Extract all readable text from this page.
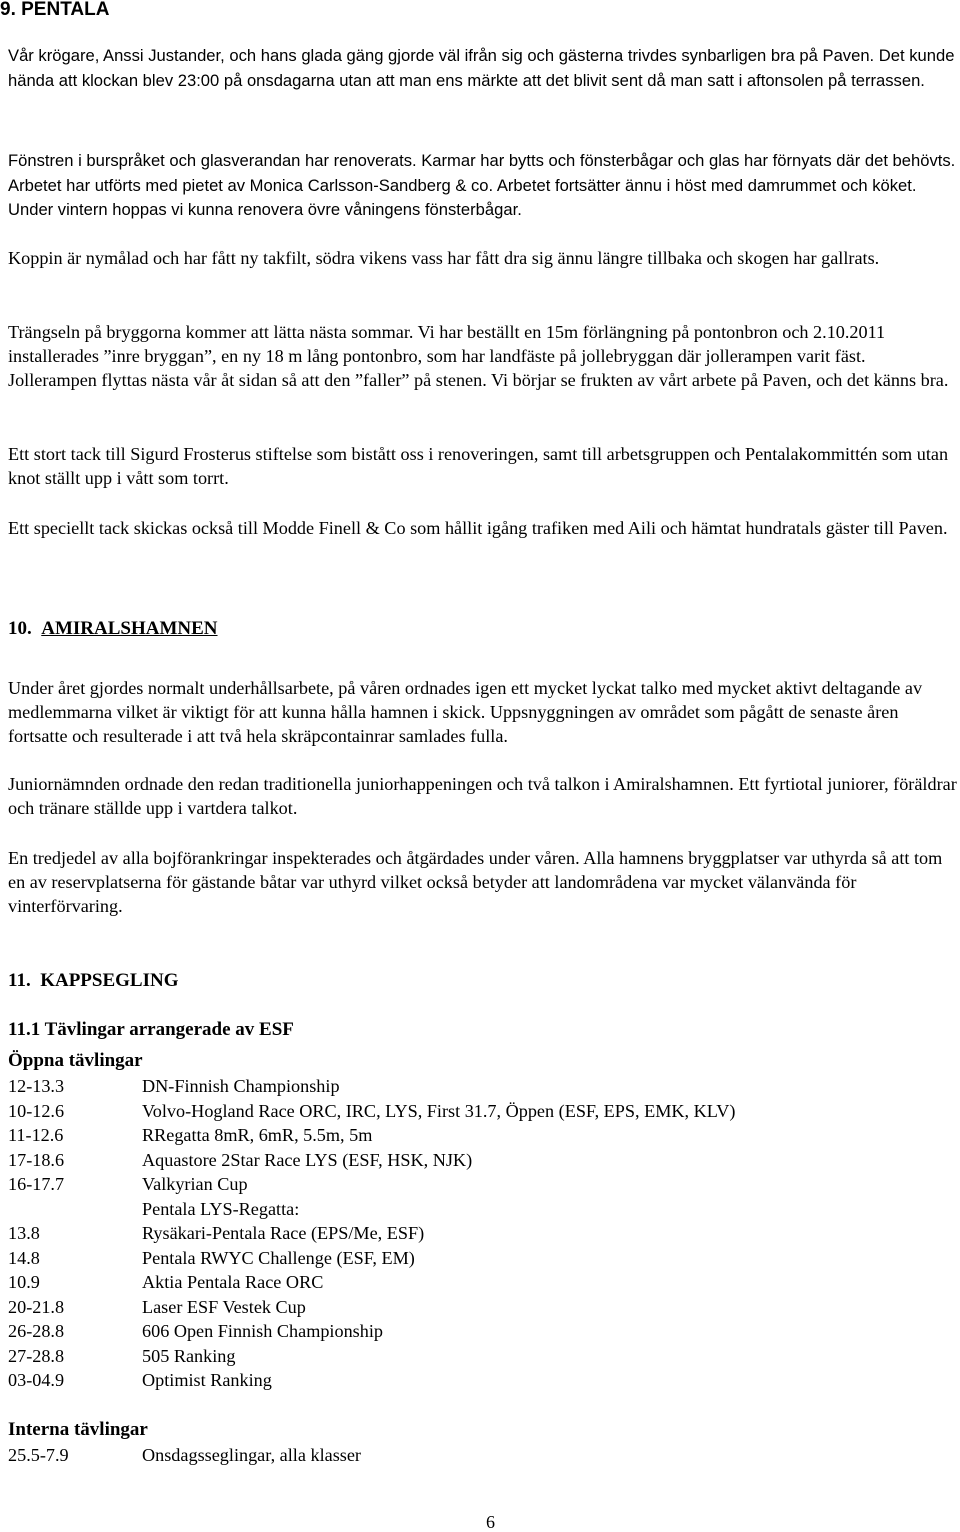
9. PENTALA
Vår krögare, Anssi Justander, och hans glada gäng gjorde väl ifrån sig och gästerna trivdes synbarligen bra på Paven. Det kunde hända att klockan blev 23:00 på onsdagarna utan att man ens märkte att det blivit sent då man satt i aftonsolen på terrassen.
Fönstren i burspråket och glasverandan har renoverats. Karmar har bytts och fönsterbågar och glas har förnyats där det behövts. Arbetet har utförts med pietet av Monica Carlsson-Sandberg & co. Arbetet fortsätter ännu i höst med damrummet och köket. Under vintern hoppas vi kunna renovera övre våningens fönsterbågar.
Koppin är nymålad och har fått ny takfilt, södra vikens vass har fått dra sig ännu längre tillbaka och skogen har gallrats.
Trängseln på bryggorna kommer att lätta nästa sommar. Vi har beställt en 15m förlängning på pontonbron och 2.10.2011 installerades ”inre bryggan”, en ny 18 m lång pontonbro, som har landfäste på jollebryggan där jollerampen varit fäst. Jollerampen flyttas nästa vår åt sidan så att den ”faller” på stenen. Vi börjar se frukten av vårt arbete på Paven, och det känns bra.
Ett stort tack till Sigurd Frosterus stiftelse som bistått oss i renoveringen, samt till arbetsgruppen och Pentalakommittén som utan knot ställt upp i vått som torrt.
Ett speciellt tack skickas också till Modde Finell & Co som hållit igång trafiken med Aili och hämtat hundratals gäster till Paven.
10. AMIRALSHAMNEN
Under året gjordes normalt underhållsarbete, på våren ordnades igen ett mycket lyckat talko med mycket aktivt deltagande av medlemmarna vilket är viktigt för att kunna hålla hamnen i skick. Uppsnyggningen av området som pågått de senaste åren fortsatte och resulterade i att två hela skräpcontainrar samlades fulla.
Juniornämnden ordnade den redan traditionella juniorhappeningen och två talkon i Amiralshamnen. Ett fyrtiotal juniorer, föräldrar och tränare ställde upp i vartdera talkot.
En tredjedel av alla bojförankringar inspekterades och åtgärdades under våren. Alla hamnens bryggplatser var uthyrda så att tom en av reservplatserna för gästande båtar var uthyrd vilket också betyder att landområdena var mycket välanvända för vinterförvaring.
11. KAPPSEGLING
11.1 Tävlingar arrangerade av ESF
Öppna tävlingar
12-13.3	DN-Finnish Championship
10-12.6	Volvo-Hogland Race ORC, IRC, LYS, First 31.7, Öppen (ESF, EPS, EMK, KLV)
11-12.6	RRegatta 8mR, 6mR, 5.5m, 5m
17-18.6	Aquastore 2Star Race LYS (ESF, HSK, NJK)
16-17.7	Valkyrian Cup
Pentala LYS-Regatta:
13.8	Rysäkari-Pentala Race (EPS/Me, ESF)
14.8	Pentala RWYC Challenge (ESF, EM)
10.9	Aktia Pentala Race ORC
20-21.8	Laser ESF Vestek Cup
26-28.8	606 Open Finnish Championship
27-28.8	505 Ranking
03-04.9	Optimist Ranking
Interna tävlingar
25.5-7.9	Onsdagsseglingar, alla klasser
6
